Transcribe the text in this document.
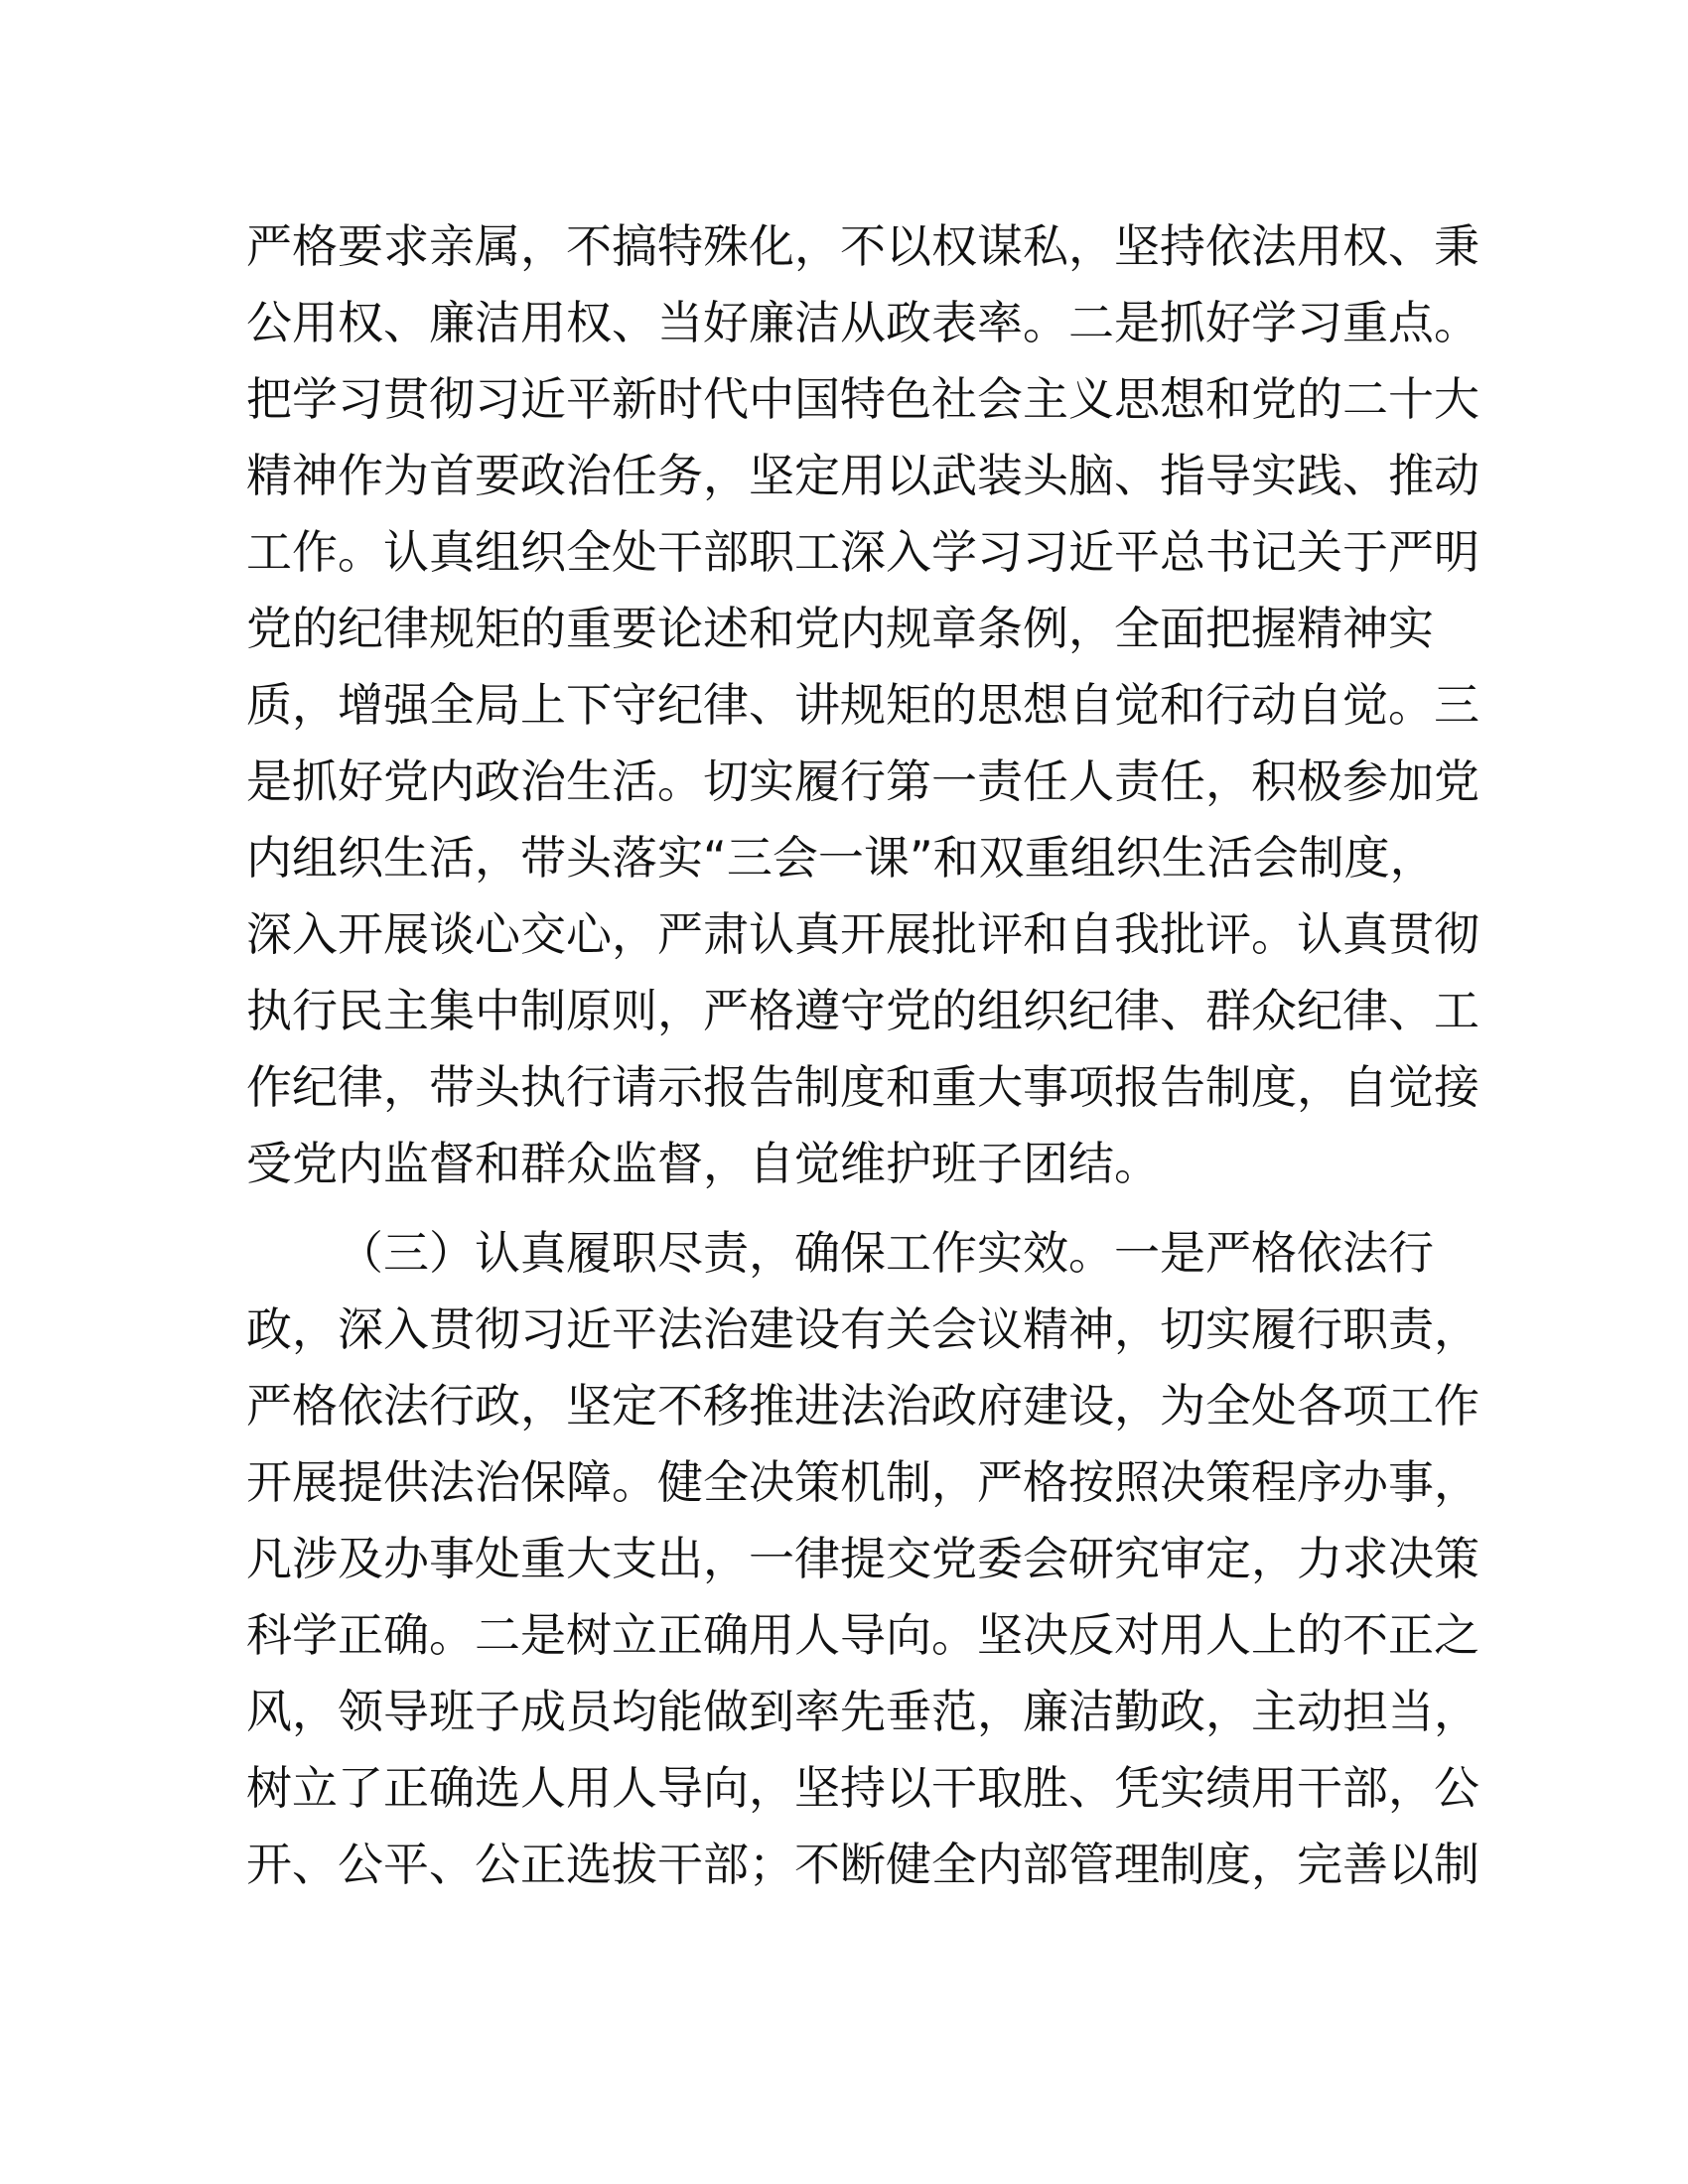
严格要求亲属，不搞特殊化，不以权谋私，坚持依法用权、秉
公用权、廉洁用权、当好廉洁从政表率。二是抓好学习重点。
把学习贯彻习近平新时代中国特色社会主义思想和党的二十大
精神作为首要政治任务，坚定用以武装头脑、指导实践、推动
工作。认真组织全处干部职工深入学习习近平总书记关于严明
党的纪律规矩的重要论述和党内规章条例，全面把握精神实
质，增强全局上下守纪律、讲规矩的思想自觉和行动自觉。三
是抓好党内政治生活。切实履行第一责任人责任，积极参加党
内组织生活，带头落实“三会一课”和双重组织生活会制度，
深入开展谈心交心，严肃认真开展批评和自我批评。认真贯彻
执行民主集中制原则，严格遵守党的组织纪律、群众纪律、工
作纪律，带头执行请示报告制度和重大事项报告制度，自觉接
受党内监督和群众监督，自觉维护班子团结。
（三）认真履职尽责，确保工作实效。一是严格依法行
政，深入贯彻习近平法治建设有关会议精神，切实履行职责，
严格依法行政，坚定不移推进法治政府建设，为全处各项工作
开展提供法治保障。健全决策机制，严格按照决策程序办事，
凡涉及办事处重大支出，一律提交党委会研究审定，力求决策
科学正确。二是树立正确用人导向。坚决反对用人上的不正之
风，领导班子成员均能做到率先垂范，廉洁勤政，主动担当，
树立了正确选人用人导向，坚持以干取胜、凭实绩用干部，公
开、公平、公正选拔干部；不断健全内部管理制度，完善以制
